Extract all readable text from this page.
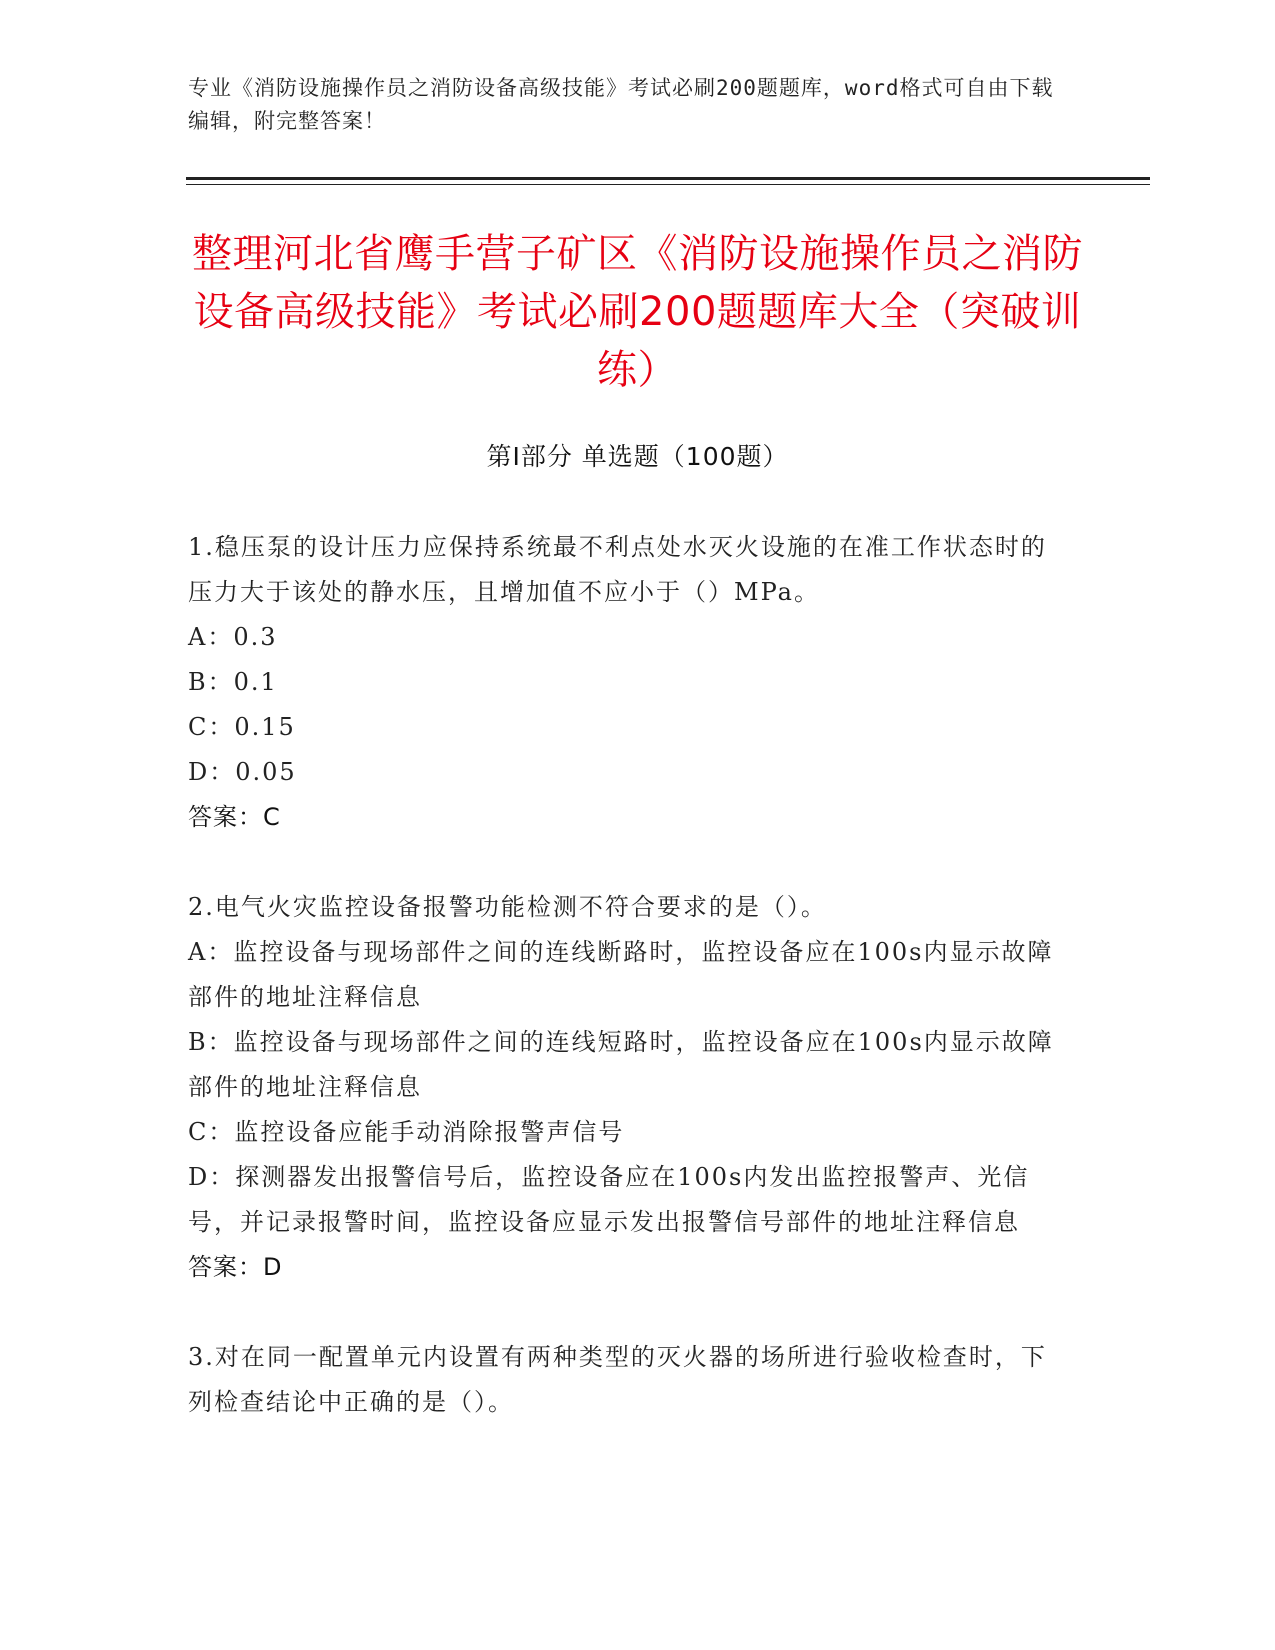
专业《消防设施操作员之消防设备高级技能》考试必刷200题题库，word格式可自由下载编辑，附完整答案！
整理河北省鹰手营子矿区《消防设施操作员之消防设备高级技能》考试必刷200题题库大全（突破训练）
第Ⅰ部分 单选题（100题）
1.稳压泵的设计压力应保持系统最不利点处水灭火设施的在准工作状态时的压力大于该处的静水压，且增加值不应小于（）MPa。
A：0.3
B：0.1
C：0.15
D：0.05
答案：C
2.电气火灾监控设备报警功能检测不符合要求的是（）。
A：监控设备与现场部件之间的连线断路时，监控设备应在100s内显示故障部件的地址注释信息
B：监控设备与现场部件之间的连线短路时，监控设备应在100s内显示故障部件的地址注释信息
C：监控设备应能手动消除报警声信号
D：探测器发出报警信号后，监控设备应在100s内发出监控报警声、光信号，并记录报警时间，监控设备应显示发出报警信号部件的地址注释信息
答案：D
3.对在同一配置单元内设置有两种类型的灭火器的场所进行验收检查时，下列检查结论中正确的是（）。
